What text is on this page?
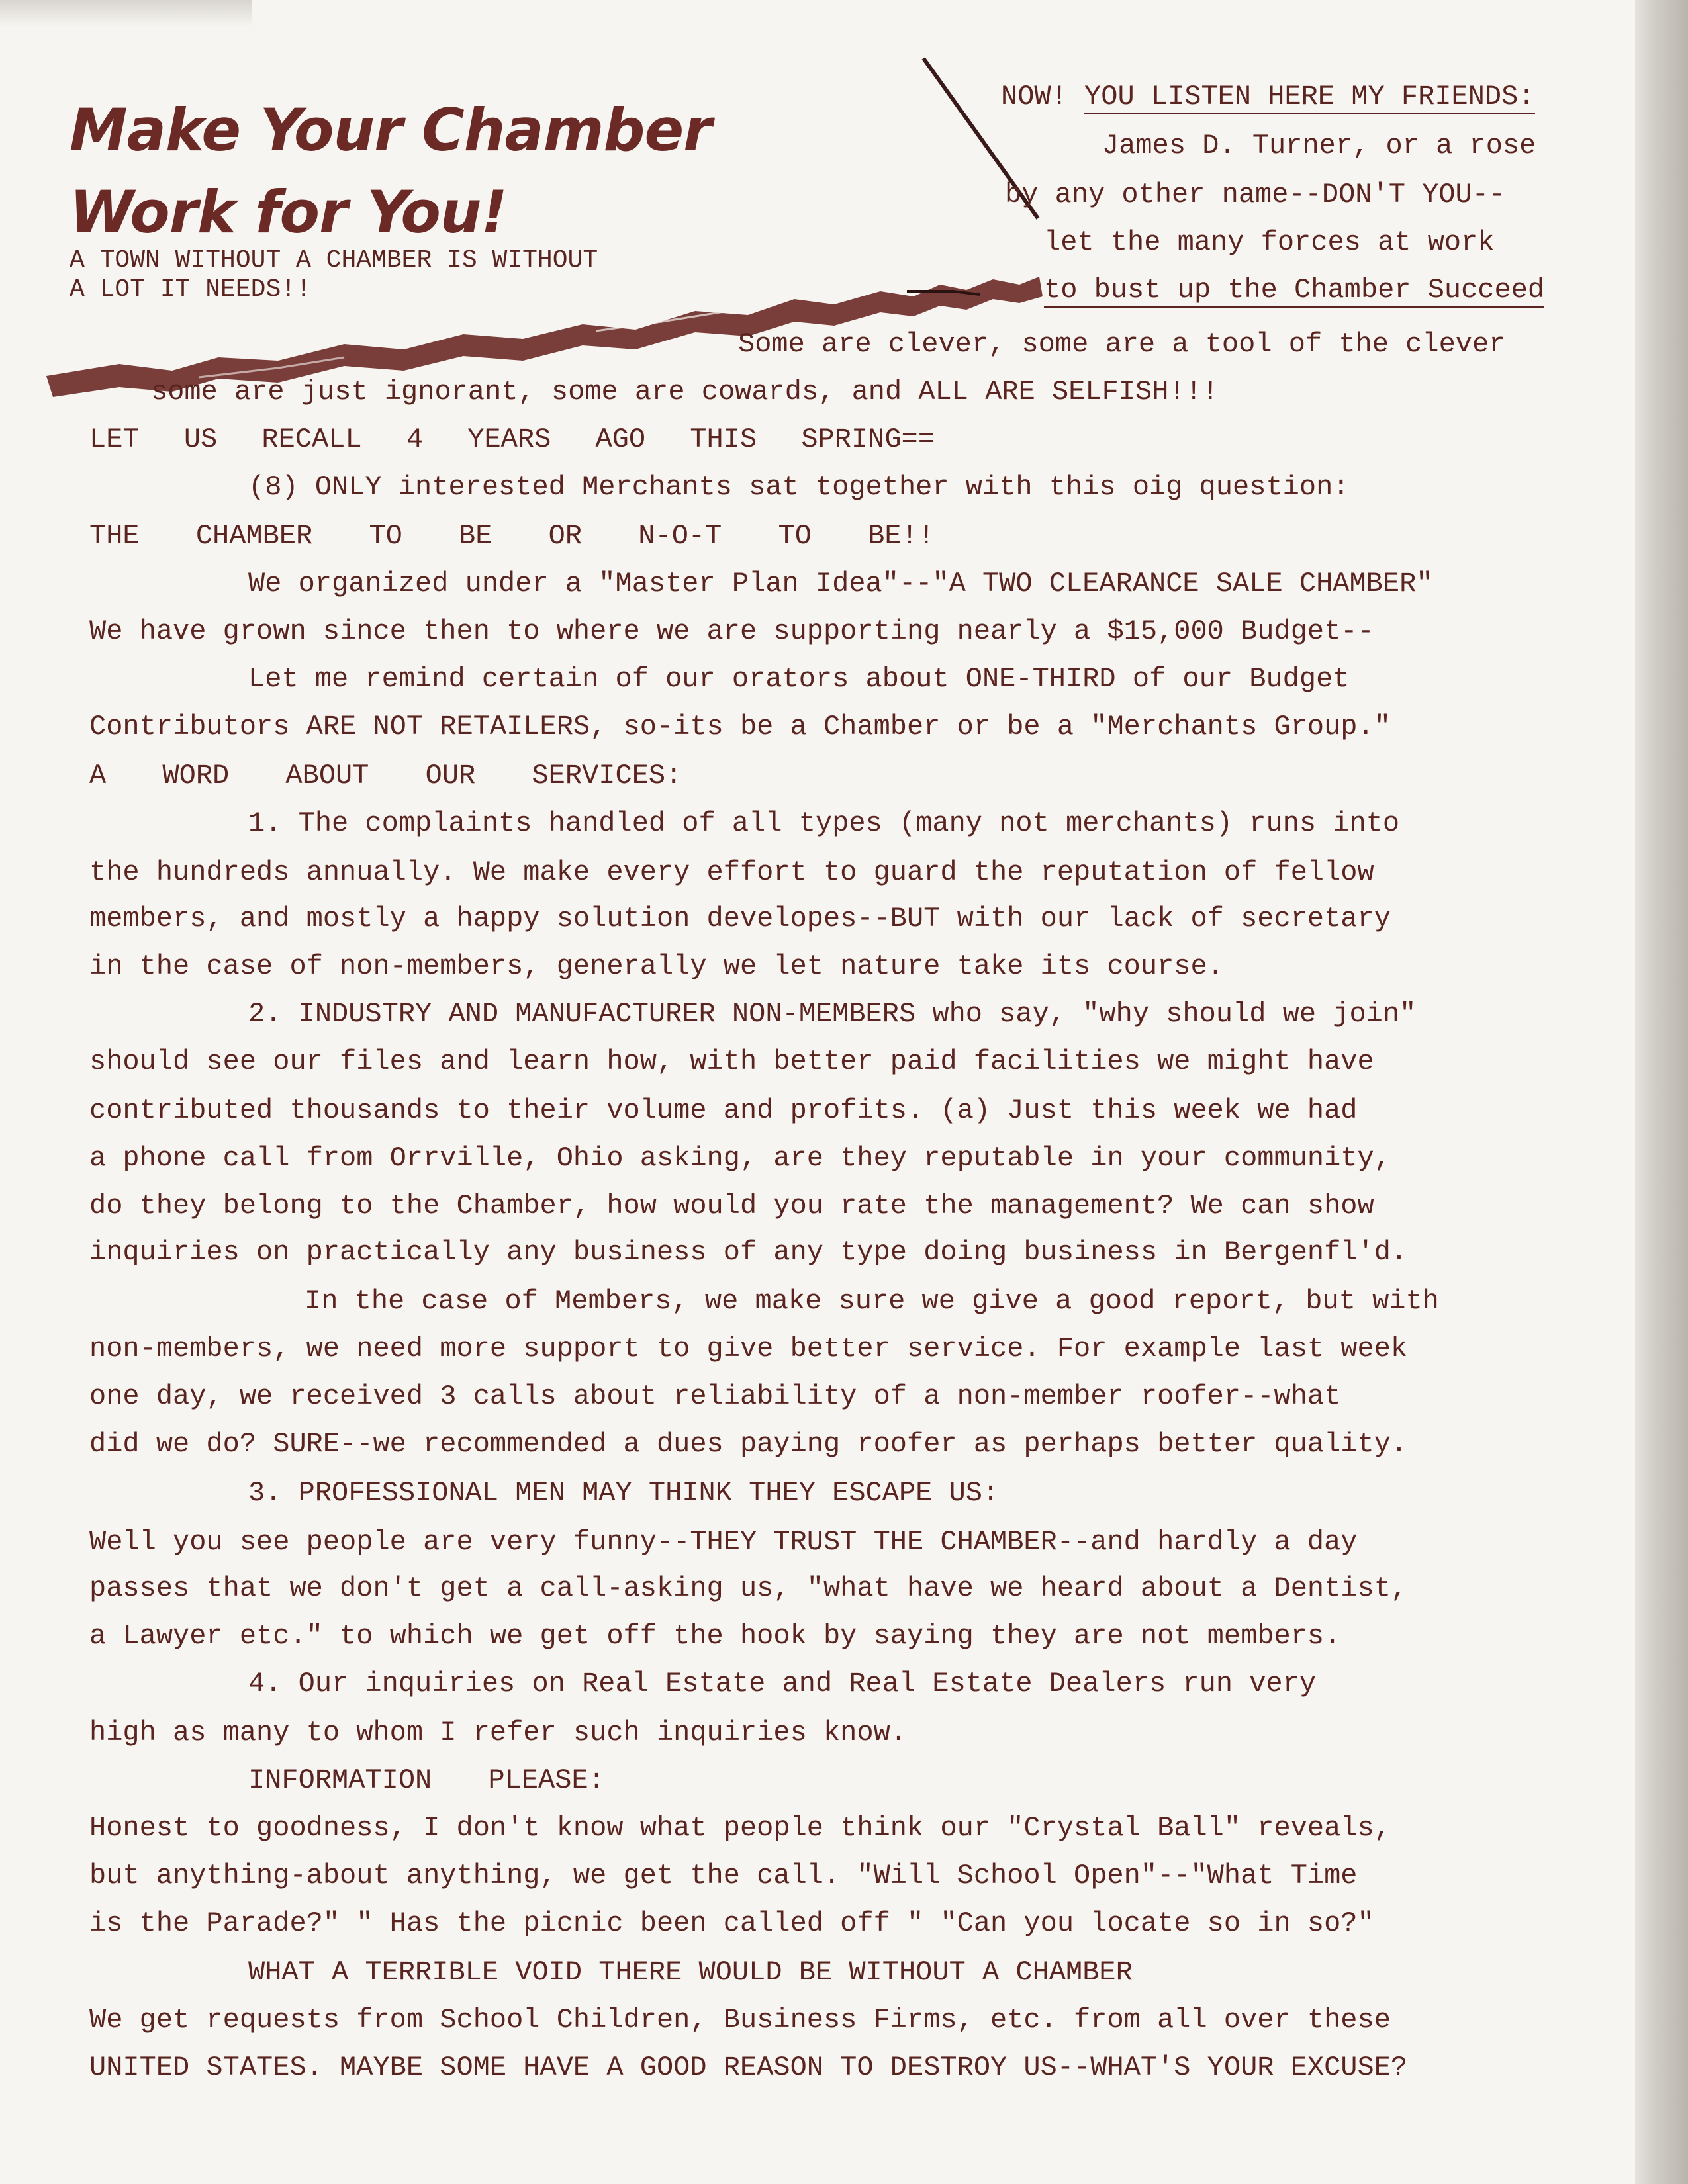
Make Your Chamber
Work for You!
A TOWN WITHOUT A CHAMBER IS WITHOUT
A LOT IT NEEDS!!
NOW! YOU LISTEN HERE MY FRIENDS:
James D. Turner, or a rose
by any other name--DON'T YOU--
let the many forces at work
to bust up the Chamber Succeed
Some are clever, some are a tool of the clever
some are just ignorant, some are cowards, and ALL ARE SELFISH!!!
LET US RECALL 4 YEARS AGO THIS SPRING==
(8) ONLY interested Merchants sat together with this oig question:
THE CHAMBER TO BE OR N-O-T TO BE!!
We organized under a "Master Plan Idea"--"A TWO CLEARANCE SALE CHAMBER"
We have grown since then to where we are supporting nearly a $15,000 Budget--
Let me remind certain of our orators about ONE-THIRD of our Budget
Contributors ARE NOT RETAILERS, so-its be a Chamber or be a "Merchants Group."
A WORD ABOUT OUR SERVICES:
1. The complaints handled of all types (many not merchants) runs into
the hundreds annually. We make every effort to guard the reputation of fellow
members, and mostly a happy solution developes--BUT with our lack of secretary
in the case of non-members, generally we let nature take its course.
2. INDUSTRY AND MANUFACTURER NON-MEMBERS who say, "why should we join"
should see our files and learn how, with better paid facilities we might have
contributed thousands to their volume and profits. (a) Just this week we had
a phone call from Orrville, Ohio asking, are they reputable in your community,
do they belong to the Chamber, how would you rate the management? We can show
inquiries on practically any business of any type doing business in Bergenfl'd.
In the case of Members, we make sure we give a good report, but with
non-members, we need more support to give better service. For example last week
one day, we received 3 calls about reliability of a non-member roofer--what
did we do? SURE--we recommended a dues paying roofer as perhaps better quality.
3. PROFESSIONAL MEN MAY THINK THEY ESCAPE US:
Well you see people are very funny--THEY TRUST THE CHAMBER--and hardly a day
passes that we don't get a call-asking us, "what have we heard about a Dentist,
a Lawyer etc." to which we get off the hook by saying they are not members.
4. Our inquiries on Real Estate and Real Estate Dealers run very
high as many to whom I refer such inquiries know.
INFORMATION PLEASE:
Honest to goodness, I don't know what people think our "Crystal Ball" reveals,
but anything-about anything, we get the call. "Will School Open"--"What Time
is the Parade?" " Has the picnic been called off " "Can you locate so in so?"
WHAT A TERRIBLE VOID THERE WOULD BE WITHOUT A CHAMBER
We get requests from School Children, Business Firms, etc. from all over these
UNITED STATES. MAYBE SOME HAVE A GOOD REASON TO DESTROY US--WHAT'S YOUR EXCUSE?
